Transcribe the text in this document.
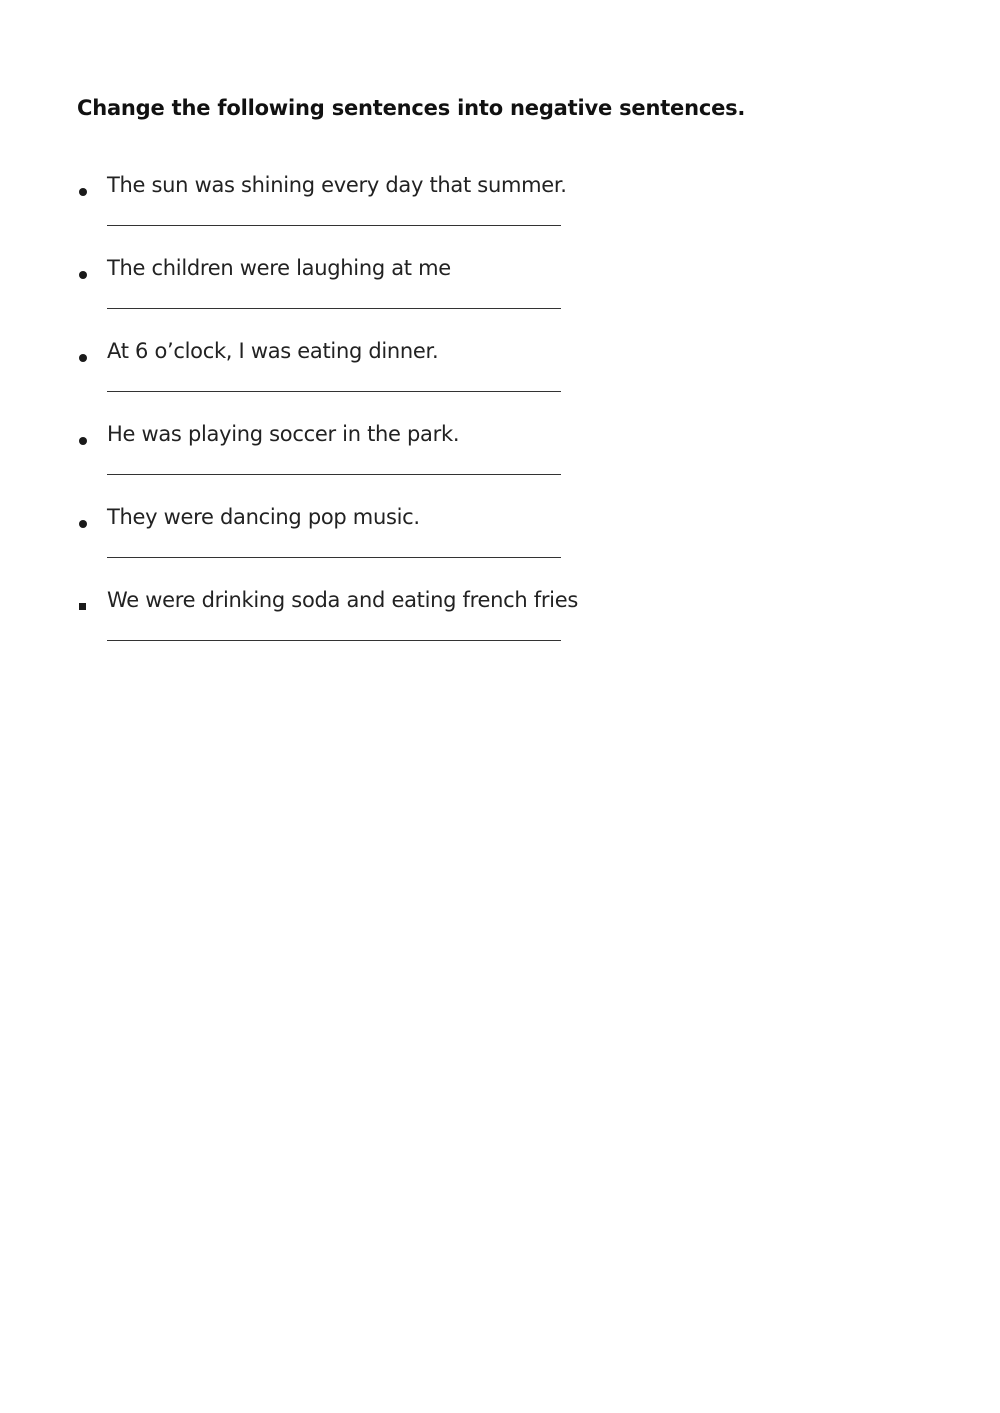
Change the following sentences into negative sentences.
The sun was shining every day that summer.
The children were laughing at me
At 6 o’clock, I was eating dinner.
He was playing soccer in the park.
They were dancing pop music.
We were drinking soda and eating french fries
